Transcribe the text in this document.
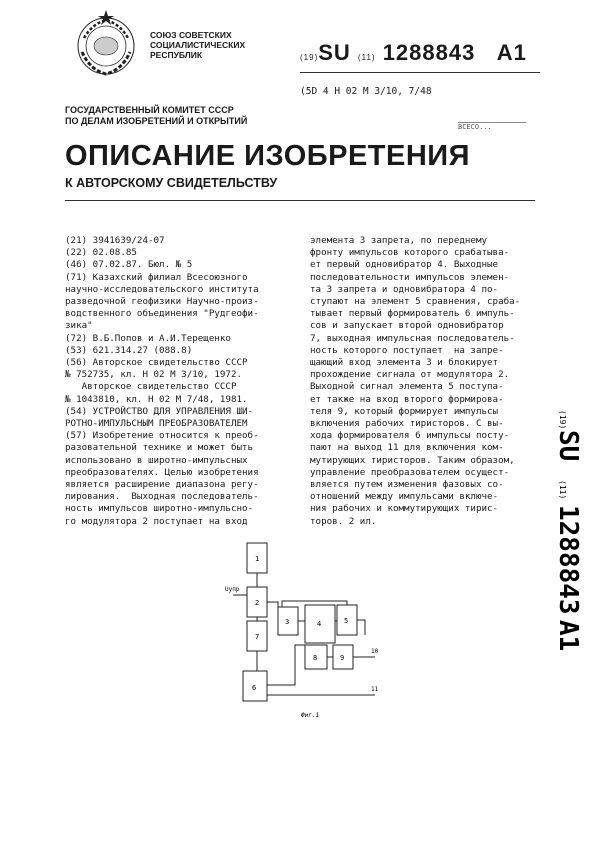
СОЮЗ СОВЕТСКИХ
СОЦИАЛИСТИЧЕСКИХ
РЕСПУБЛИК	(19)SU (11) 1288843 A1
(5D 4 H 02 M 3/10, 7/48
ГОСУДАРСТВЕННЫЙ КОМИТЕТ СССР
ПО ДЕЛАМ ИЗОБРЕТЕНИЙ И ОТКРЫТИЙ
ВСЕСО...
ОПИСАНИЕ ИЗОБРЕТЕНИЯ
К АВТОРСКОМУ СВИДЕТЕЛЬСТВУ
(21) 3941639/24-07
(22) 02.08.85
(46) 07.02.87. Бюл. № 5
(71) Казахский филиал Всесоюзного
научно-исследовательского института
разведочной геофизики Научно-произ-
водственного объединения "Рудгеофи-
зика"
(72) В.Б.Попов и А.И.Терещенко
(53) 621.314.27 (088.8)
(56) Авторское свидетельство СССР
№ 752735, кл. H 02 M 3/10, 1972.
Авторское свидетельство СССР
№ 1043810, кл. H 02 M 7/48, 1981.
(54) УСТРОЙСТВО ДЛЯ УПРАВЛЕНИЯ ШИ-
РОТНО-ИМПУЛЬСНЫМ ПРЕОБРАЗОВАТЕЛЕМ
(57) Изобретение относится к преоб-
разовательной технике и может быть
использовано в широтно-импульсных
преобразователях. Целью изобретения
является расширение диапазона регу-
лирования.  Выходная последователь-
ность импульсов широтно-импульсно-
го модулятора 2 поступает на вход
элемента 3 запрета, по переднему
фронту импульсов которого срабатыва-
ет первый одновибратор 4. Выходные
последовательности импульсов элемен-
та 3 запрета и одновибратора 4 по-
ступают на элемент 5 сравнения, сраба-
тывает первый формирователь 6 импуль-
сов и запускает второй одновибратор
7, выходная импульсная последователь-
ность которого поступает  на запре-
щающий вход элемента 3 и блокирует
прохождение сигнала от модулятора 2.
Выходной сигнал элемента 5 поступа-
ет также на вход второго формирова-
теля 9, который формирует импульсы
включения рабочих тиристоров. С вы-
хода формирователя 6 импульсы посту-
пают на выход 11 для включения ком-
мутирующих тиристоров. Таким образом,
управление преобразователем осущест-
вляется путем изменения фазовых со-
отношений между импульсами включе-
ния рабочих и коммутирующих тирис-
торов. 2 ил.
(19)
SU
(11)
1288843
A1
1
2
3	4	5
6
7
8	9
Uупр
10
11
Фиг.1
